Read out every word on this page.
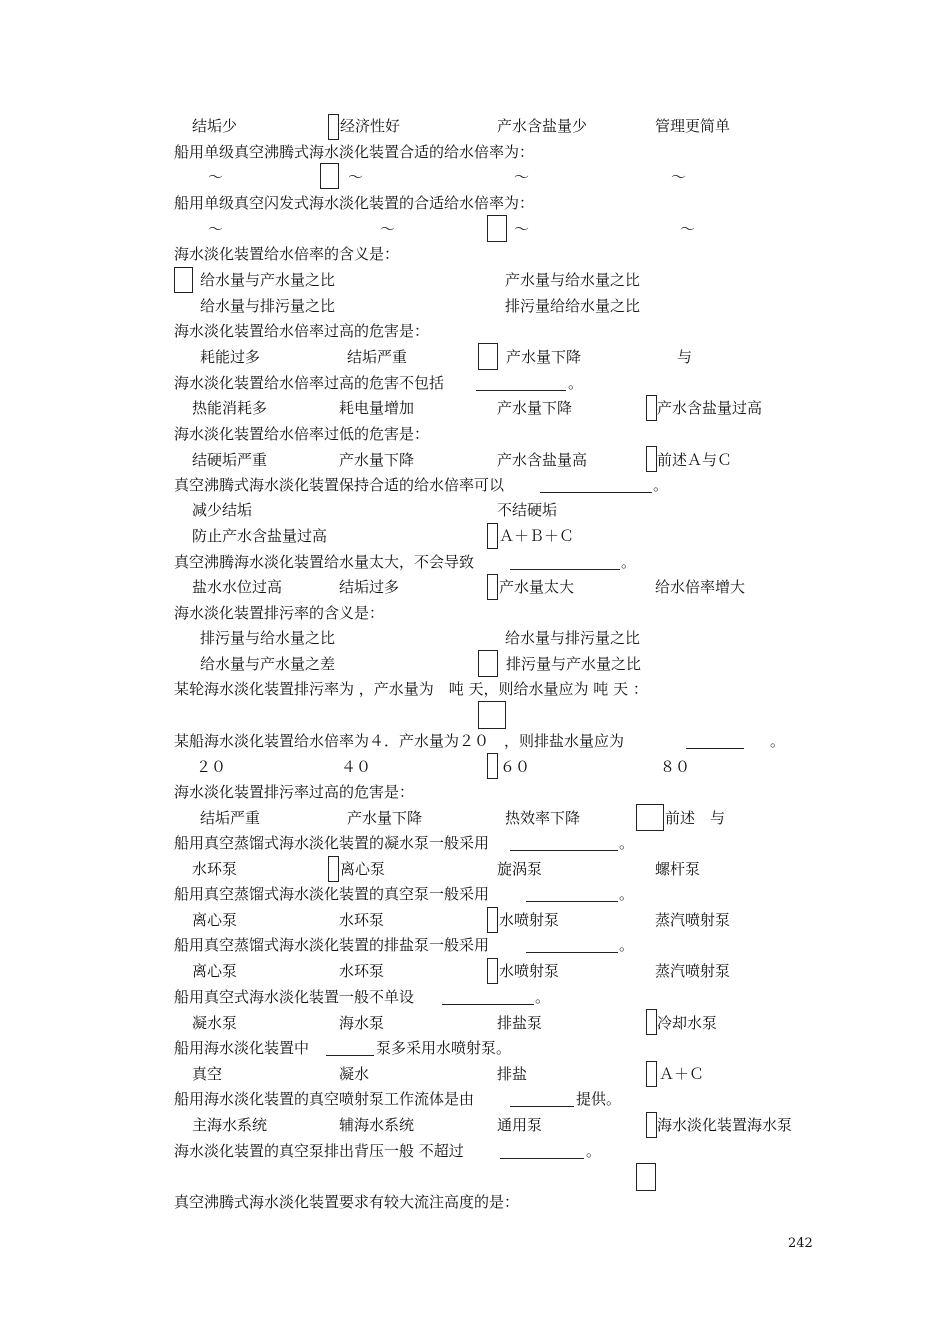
结垢少	经济性好	产水含盐量少	管理更简单
船用单级真空沸腾式海水淡化装置合适的给水倍率为：
～	～	～	～
船用单级真空闪发式海水淡化装置的合适给水倍率为：
～	～	～	～
海水淡化装置给水倍率的含义是：
给水量与产水量之比	产水量与给水量之比
给水量与排污量之比	排污量给给水量之比
海水淡化装置给水倍率过高的危害是：
耗能过多	结垢严重	产水量下降	与
海水淡化装置给水倍率过高的危害不包括	。
热能消耗多	耗电量增加	产水量下降	产水含盐量过高
海水淡化装置给水倍率过低的危害是：
结硬垢严重	产水量下降	产水含盐量高	前述Ａ与Ｃ
真空沸腾式海水淡化装置保持合适的给水倍率可以	。
减少结垢	不结硬垢
防止产水含盐量过高	Ａ＋Ｂ＋Ｃ
真空沸腾海水淡化装置给水量太大，不会导致	。
盐水水位过高	结垢过多	产水量太大	给水倍率增大
海水淡化装置排污率的含义是：
排污量与给水量之比	给水量与排污量之比
给水量与产水量之差	排污量与产水量之比
某轮海水淡化装置排污率为 ，产水量为　吨 天，则给水量应为 吨 天 ：
某船海水淡化装置给水倍率为４．产水量为２０　，则排盐水量应为	。
２０	４０	６０	８０
海水淡化装置排污率过高的危害是：
结垢严重	产水量下降	热效率下降	前述　与
船用真空蒸馏式海水淡化装置的凝水泵一般采用	。
水环泵	离心泵	旋涡泵	螺杆泵
船用真空蒸馏式海水淡化装置的真空泵一般采用	。
离心泵	水环泵	水喷射泵	蒸汽喷射泵
船用真空蒸馏式海水淡化装置的排盐泵一般采用	。
离心泵	水环泵	水喷射泵	蒸汽喷射泵
船用真空式海水淡化装置一般不单设	。
凝水泵	海水泵	排盐泵	冷却水泵
船用海水淡化装置中	泵多采用水喷射泵。
真空	凝水	排盐	Ａ＋Ｃ
船用海水淡化装置的真空喷射泵工作流体是由	提供。
主海水系统	辅海水系统	通用泵	海水淡化装置海水泵
海水淡化装置的真空泵排出背压一般 不超过	。
真空沸腾式海水淡化装置要求有较大流注高度的是：
242
